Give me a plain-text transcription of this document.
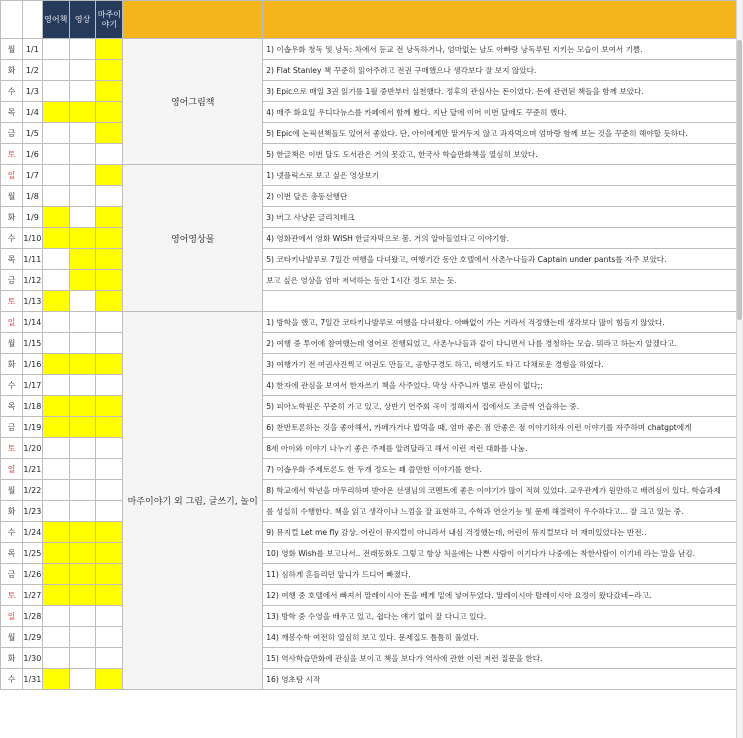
		영어책	영상	마주이야기		
월	1/1				영어그림책	1) 이솝우화 청독 및 낭독: 차에서 등교 전 낭독하거나, 엄마없는 날도 아빠랑 낭독루틴 지키는 모습이 보여서 기쁨.
화	1/2					2) Flat Stanley 책 꾸준히 읽어주려고 전권 구매했으나 생각보다 잘 보지 않았다.
수	1/3					3) Epic으로 매일 3권 읽기를 1월 중반부터 실천했다. 정후의 관심사는 돈이었다. 돈에 관련된 책들을 함께 보았다.
목	1/4					4) 매주 화요일 우디다뉴스를 카페에서 함께 봤다. 지난 달에 이어 이번 달에도 꾸준히 했다.
금	1/5					5) Epic에 논픽션책들도 있어서 좋았다. 단, 아이에게만 맡겨두지 않고 과자먹으며 엄마랑 함께 보는 것을 꾸준히 해야할 듯하다.
토	1/6					5) 한글책은 이번 달도 도서관은 거의 못갔고, 한국사 학습만화책을 열심히 보았다.
일	1/7				영어영상물	1) 넷플릭스로 보고 싶은 영상보기
월	1/8					2) 이번 달은 총동선행단
화	1/9					3) 버그 사냥꾼 글리치테크
수	1/10					4) 영화관에서 영화 WISH 한글자막으로 봄. 거의 알아들었다고 이야기함.
목	1/11					5) 코타키나발루로 7일간 여행을 다녀왔고, 여행기간 동안 호텔에서 사촌누나들과 Captain under pants를 자주 보았다.
금	1/12					보고 싶은 영상을 엄마 저녁하는 동안 1시간 정도 보는 듯.
토	1/13					
일	1/14				마주이야기 외 그림, 글쓰기, 놀이	1) 방학을 했고, 7일간 코타키나발루로 여행을 다녀왔다. 아빠없이 가는 거라서 걱정했는데 생각보다 많이 힘들지 않았다.
월	1/15					2) 여행 중 투어에 참여했는데 영어로 진행되었고, 사촌누나들과 같이 다니면서 나름 경청하는 모습. 뭐라고 하는지 알겠다고.
화	1/16					3) 여행가기 전 여권사진찍고 여권도 만들고, 공항구경도 하고, 비행기도 타고 다채로운 경험을 하였다.
수	1/17					4) 한자에 관심을 보여서 한자쓰기 책을 사주었다. 막상 사주니까 별로 관심이 없다;;
목	1/18					5) 피아노학원은 꾸준히 가고 있고, 상반기 연주회 곡이 정해져서 집에서도 조금씩 연습하는 중.
금	1/19					6) 찬반토론하는 것을 좋아해서, 카페가거나 밥먹을 때, 엄마 좋은 점 안좋은 점 이야기하자 이런 이야기를 자주하며 chatgpt에게
토	1/20					8세 아이와 이야기 나누기 좋은 주제를 알려달라고 해서 이런 저런 대화를 나눔.
일	1/21					7) 이솝우화 주제토론도 한 두개 정도는 꽤 쓸만한 이야기를 한다.
월	1/22					8) 학교에서 학년을 마무리하며 받아온 선생님의 코멘트에 좋은 이야기가 많이 적혀 있었다. 교우관계가 원만하고 배려심이 있다. 학습과제
화	1/23					를 성실히 수행한다. 책을 읽고 생각이나 느낌을 잘 표현하고, 수학과 연산기능 및 문제 해결력이 우수하다고... 잘 크고 있는 중.
수	1/24					9) 뮤지컬 Let me fly 감상. 어린이 뮤지컬이 아니라서 내심 걱정했는데, 어린이 뮤지컬보다 더 재미있었다는 반전..
목	1/25					10) 영화 Wish를 보고나서.. 전래동화도 그렇고 항상 처음에는 나쁜 사람이 이기다가 나중에는 착한사람이 이기네 라는 말을 남김.
금	1/26					11) 심하게 흔들리던 앞니가 드디어 빠졌다.
토	1/27					12) 여행 중 호텔에서 빠져서 말레이시아 돈을 베게 밑에 넣어두었다. 말레이시아 탈레이시아 요정이 왔다갔네~라고.
일	1/28					13) 방학 중 수영을 배우고 있고, 쉽다는 얘기 없이 잘 다니고 있다.
월	1/29					14) 깨봉수학 여전히 열심히 보고 있다. 문제집도 틈틈히 풀었다.
화	1/30					15) 역사학습만화에 관심을 보이고 책을 보다가 역사에 관한 이런 저런 질문을 한다.
수	1/31					16) 영초탐 시작
